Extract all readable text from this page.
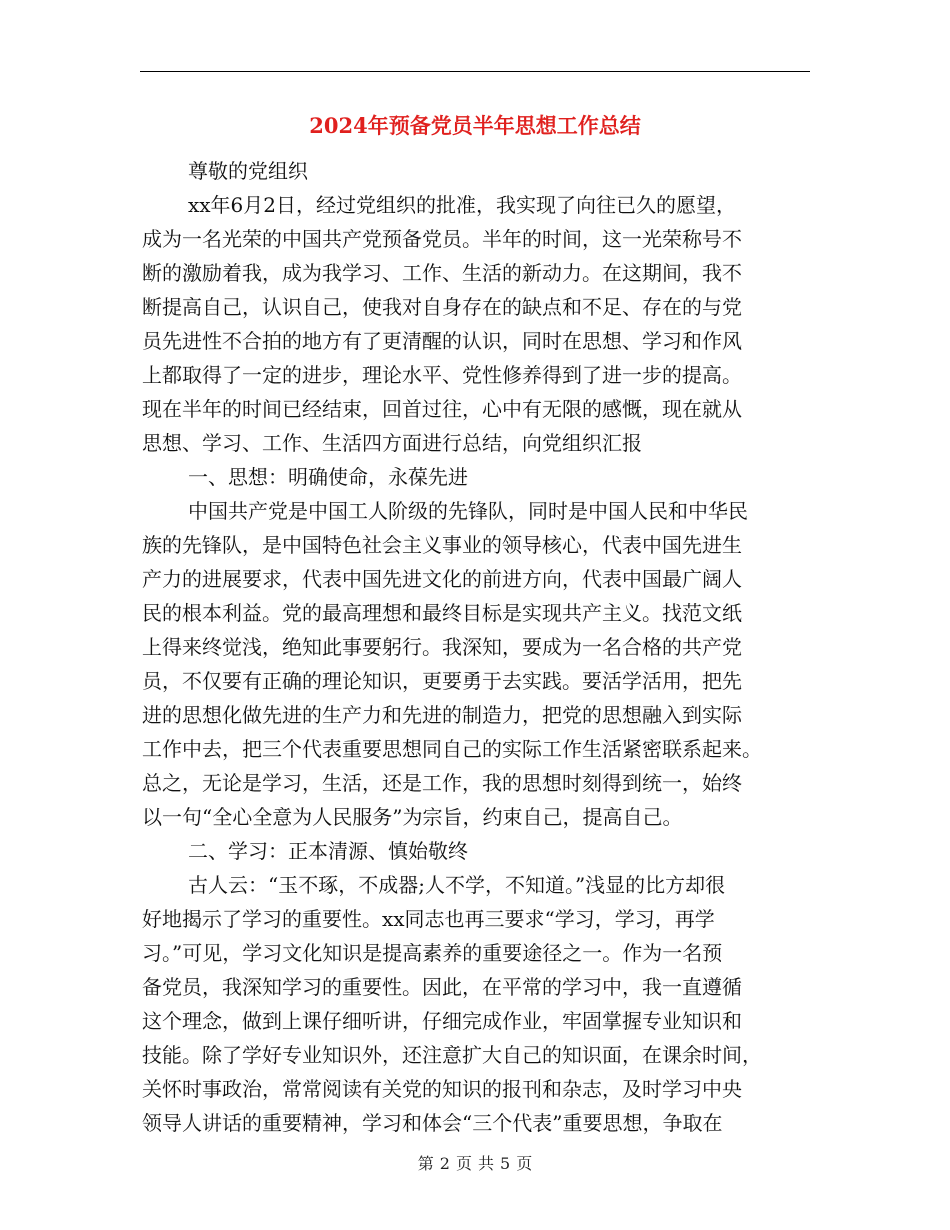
2024年预备党员半年思想工作总结
尊敬的党组织
xx年6月2日，经过党组织的批准，我实现了向往已久的愿望，
成为一名光荣的中国共产党预备党员。半年的时间，这一光荣称号不
断的激励着我，成为我学习、工作、生活的新动力。在这期间，我不
断提高自己，认识自己，使我对自身存在的缺点和不足、存在的与党
员先进性不合拍的地方有了更清醒的认识，同时在思想、学习和作风
上都取得了一定的进步，理论水平、党性修养得到了进一步的提高。
现在半年的时间已经结束，回首过往，心中有无限的感慨，现在就从
思想、学习、工作、生活四方面进行总结，向党组织汇报
一、思想：明确使命，永葆先进
中国共产党是中国工人阶级的先锋队，同时是中国人民和中华民
族的先锋队，是中国特色社会主义事业的领导核心，代表中国先进生
产力的进展要求，代表中国先进文化的前进方向，代表中国最广阔人
民的根本利益。党的最高理想和最终目标是实现共产主义。找范文纸
上得来终觉浅，绝知此事要躬行。我深知，要成为一名合格的共产党
员，不仅要有正确的理论知识，更要勇于去实践。要活学活用，把先
进的思想化做先进的生产力和先进的制造力，把党的思想融入到实际
工作中去，把三个代表重要思想同自己的实际工作生活紧密联系起来。
总之，无论是学习，生活，还是工作，我的思想时刻得到统一，始终
以一句“全心全意为人民服务”为宗旨，约束自己，提高自己。
二、学习：正本清源、慎始敬终
古人云：“玉不琢，不成器;人不学，不知道。”浅显的比方却很
好地揭示了学习的重要性。xx同志也再三要求“学习，学习，再学
习。”可见，学习文化知识是提高素养的重要途径之一。作为一名预
备党员，我深知学习的重要性。因此，在平常的学习中，我一直遵循
这个理念，做到上课仔细听讲，仔细完成作业，牢固掌握专业知识和
技能。除了学好专业知识外，还注意扩大自己的知识面，在课余时间，
关怀时事政治，常常阅读有关党的知识的报刊和杂志，及时学习中央
领导人讲话的重要精神，学习和体会“三个代表”重要思想，争取在
第 2 页 共 5 页
